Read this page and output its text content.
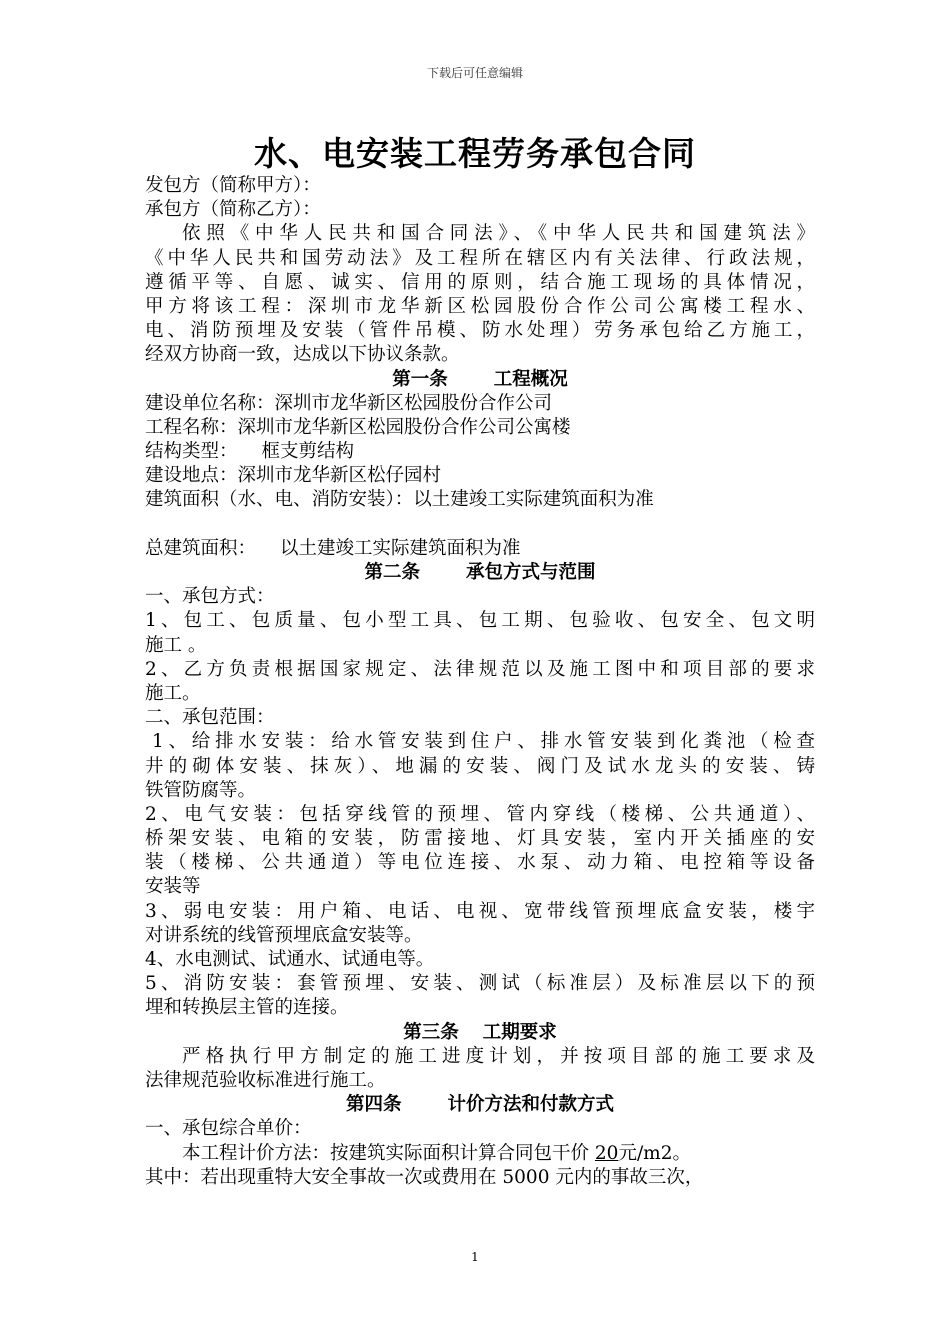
下载后可任意编辑
水、电安装工程劳务承包合同
发包方（简称甲方）：
承包方（简称乙方）：
依照《中华人民共和国合同法》、《中华人民共和国建筑法》
《中华人民共和国劳动法》及工程所在辖区内有关法律、行政法规，
遵循平等、自愿、诚实、信用的原则，结合施工现场的具体情况，
甲方将该工程：深圳市龙华新区松园股份合作公司公寓楼工程水、
电、消防预埋及安装（管件吊模、防水处理）劳务承包给乙方施工，
经双方协商一致，达成以下协议条款。
第一条 工程概况
建设单位名称：深圳市龙华新区松园股份合作公司
工程名称：深圳市龙华新区松园股份合作公司公寓楼
结构类型： 框支剪结构
建设地点：深圳市龙华新区松仔园村
建筑面积（水、电、消防安装）：以土建竣工实际建筑面积为准
总建筑面积： 以土建竣工实际建筑面积为准
第二条 承包方式与范围
一、承包方式：
1、包工、包质量、包小型工具、包工期、包验收、包安全、包文明
施工 。
2、乙方负责根据国家规定、法律规范以及施工图中和项目部的要求
施工。
二、承包范围：
1、给排水安装：给水管安装到住户、排水管安装到化粪池（检查
井的砌体安装、抹灰）、地漏的安装、阀门及试水龙头的安装、铸
铁管防腐等。
2、电气安装：包括穿线管的预埋、管内穿线（楼梯、公共通道）、
桥架安装、电箱的安装，防雷接地、灯具安装，室内开关插座的安
装（楼梯、公共通道）等电位连接、水泵、动力箱、电控箱等设备
安装等
3、弱电安装：用户箱、电话、电视、宽带线管预埋底盒安装，楼宇
对讲系统的线管预埋底盒安装等。
4、水电测试、试通水、试通电等。
5、消防安装：套管预埋、安装、测试（标准层）及标准层以下的预
埋和转换层主管的连接。
第三条 工期要求
严格执行甲方制定的施工进度计划，并按项目部的施工要求及
法律规范验收标准进行施工。
第四条 计价方法和付款方式
一、承包综合单价：
本工程计价方法：按建筑实际面积计算合同包干价 20元/m2。
其中：若出现重特大安全事故一次或费用在 5000 元内的事故三次，
1
